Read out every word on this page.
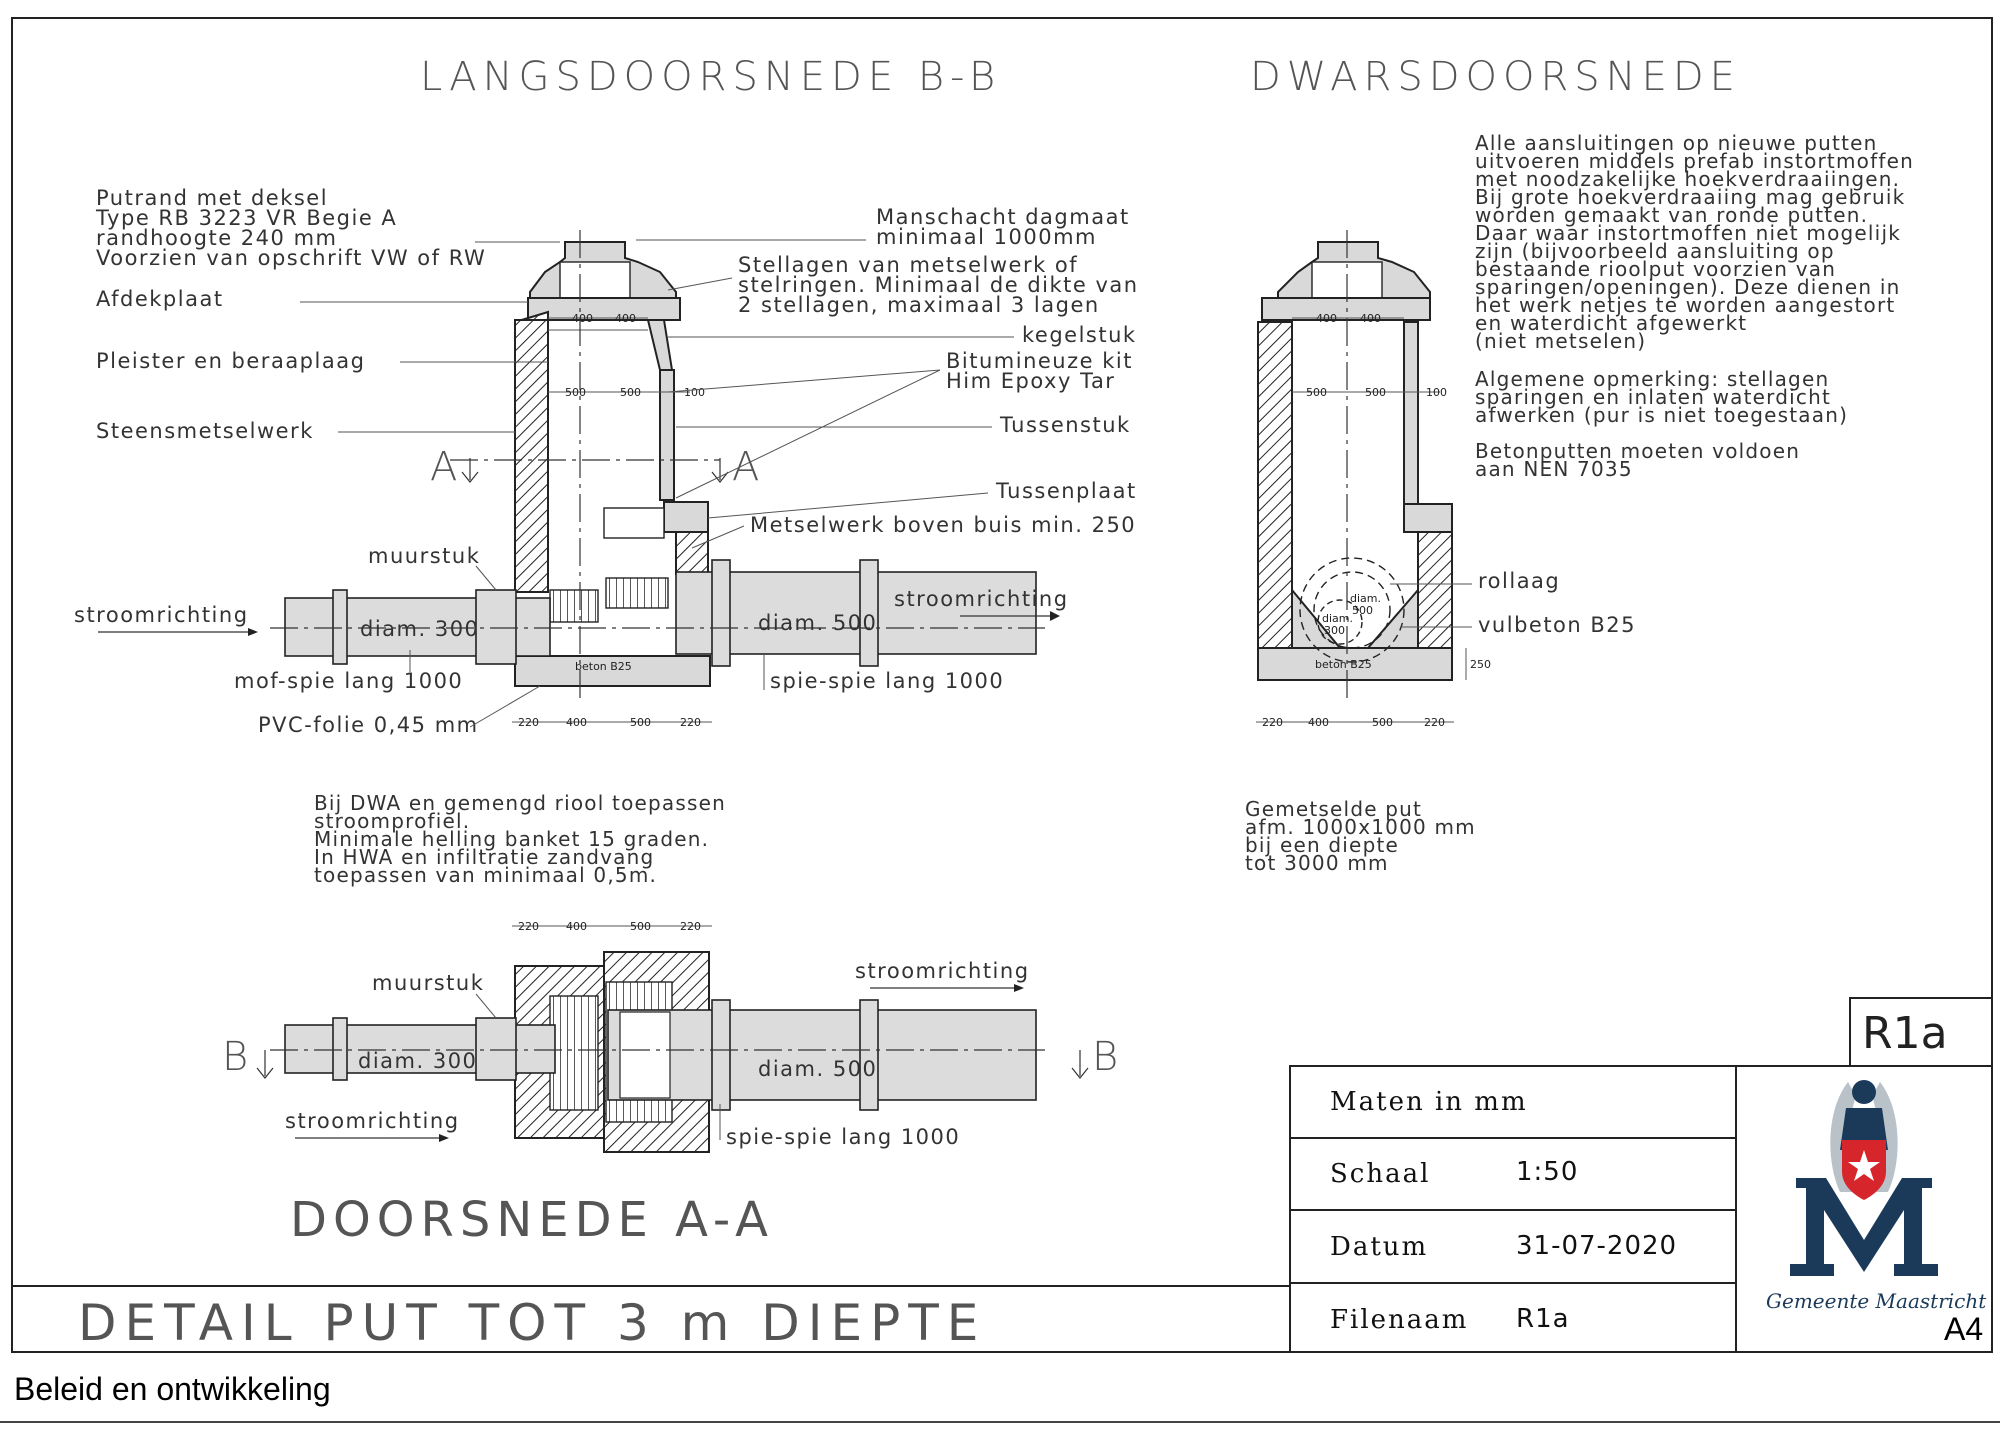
LANGSDOORSNEDE B-B	DWARSDOORSNEDE
beton B25
diam. 300	diam. 500
400 400
500	500	100
220 400	500	220
A	A
Putrand met deksel
Type RB 3223 VR Begie A
randhoogte 240 mm
Voorzien van opschrift VW of RW
Afdekplaat
Pleister en beraaplaag
Steensmetselwerk
muurstuk
stroomrichting
mof-spie lang 1000
PVC-folie 0,45 mm
Manschacht dagmaat
minimaal 1000mm
Stellagen van metselwerk of
stelringen. Minimaal de dikte van
2 stellagen, maximaal 3 lagen
kegelstuk
Bitumineuze kit
Him Epoxy Tar
Tussenstuk
Tussenplaat
Metselwerk boven buis min. 250
stroomrichting
spie-spie lang 1000
beton B25
diam.
500
diam.
300
400 400
500	500	100
220 400	500	220
250
rollaag
vulbeton B25
Alle aansluitingen op nieuwe putten
uitvoeren middels prefab instortmoffen
met noodzakelijke hoekverdraaiingen.
Bij grote hoekverdraaiing mag gebruik
worden gemaakt van ronde putten.
Daar waar instortmoffen niet mogelijk
zijn (bijvoorbeeld aansluiting op
bestaande rioolput voorzien van
sparingen/openingen). Deze dienen in
het werk netjes te worden aangestort
en waterdicht afgewerkt
(niet metselen)
Algemene opmerking: stellagen
sparingen en inlaten waterdicht
afwerken (pur is niet toegestaan)
Betonputten moeten voldoen
aan NEN 7035
Bij DWA en gemengd riool toepassen
stroomprofiel.
Minimale helling banket 15 graden.
In HWA en infiltratie zandvang
toepassen van minimaal 0,5m.
Gemetselde put
afm. 1000x1000 mm
bij een diepte
tot 3000 mm
diam. 300	diam. 500
220 400	500	220
muurstuk	stroomrichting
stroomrichting
spie-spie lang 1000
B	B
DOORSNEDE A-A
DETAIL PUT TOT 3 m DIEPTE
R1a
Maten in mm
Schaal	1:50
Datum	31-07-2020
Filenaam R1a
Gemeente Maastricht
A4
Beleid en ontwikkeling
